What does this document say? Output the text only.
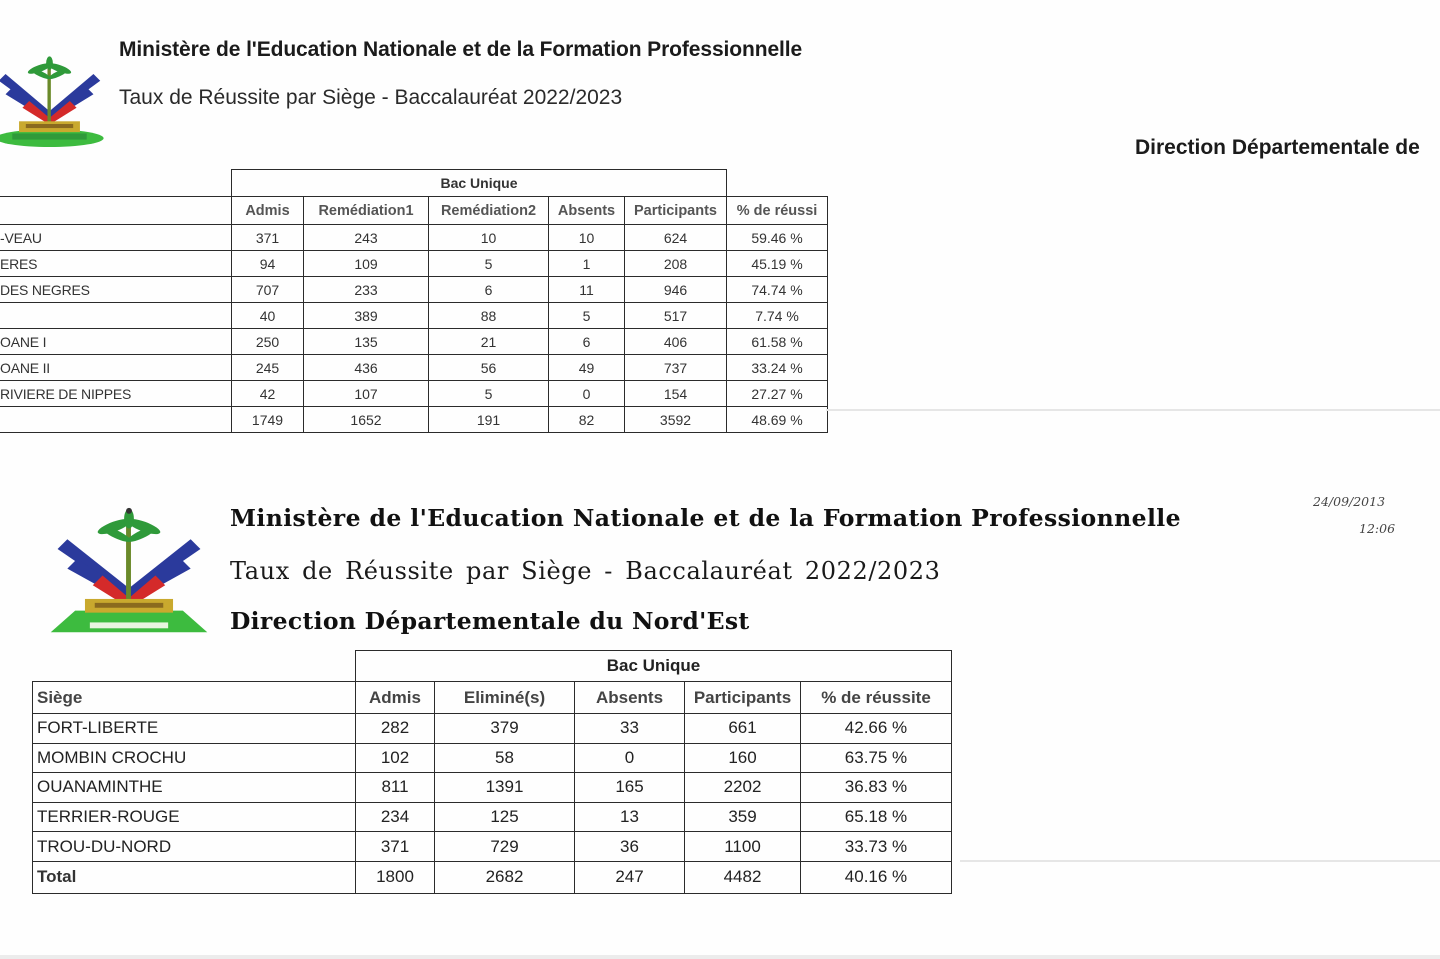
Ministère de l'Education Nationale et de la Formation Professionnelle
Taux de Réussite par Siège - Baccalauréat 2022/2023
Direction Départementale de
	Bac Unique					
	Admis	Remédiation1	Remédiation2	Absents	Participants	% de réussi
-VEAU	371	243	10	10	624	59.46 %
ERES	94	109	5	1	208	45.19 %
DES NEGRES	707	233	6	11	946	74.74 %
	40	389	88	5	517	7.74 %
OANE I	250	135	21	6	406	61.58 %
OANE II	245	436	56	49	737	33.24 %
RIVIERE DE NIPPES	42	107	5	0	154	27.27 %
	1749	1652	191	82	3592	48.69 %
24/09/2013
12:06
Ministère de l'Education Nationale et de la Formation Professionnelle
Taux de Réussite par Siège - Baccalauréat 2022/2023
Direction Départementale du Nord'Est
	Bac Unique				
Siège	Admis	Eliminé(s)	Absents	Participants	% de réussite
FORT-LIBERTE	282	379	33	661	42.66 %
MOMBIN CROCHU	102	58	0	160	63.75 %
OUANAMINTHE	811	1391	165	2202	36.83 %
TERRIER-ROUGE	234	125	13	359	65.18 %
TROU-DU-NORD	371	729	36	1100	33.73 %
Total	1800	2682	247	4482	40.16 %
